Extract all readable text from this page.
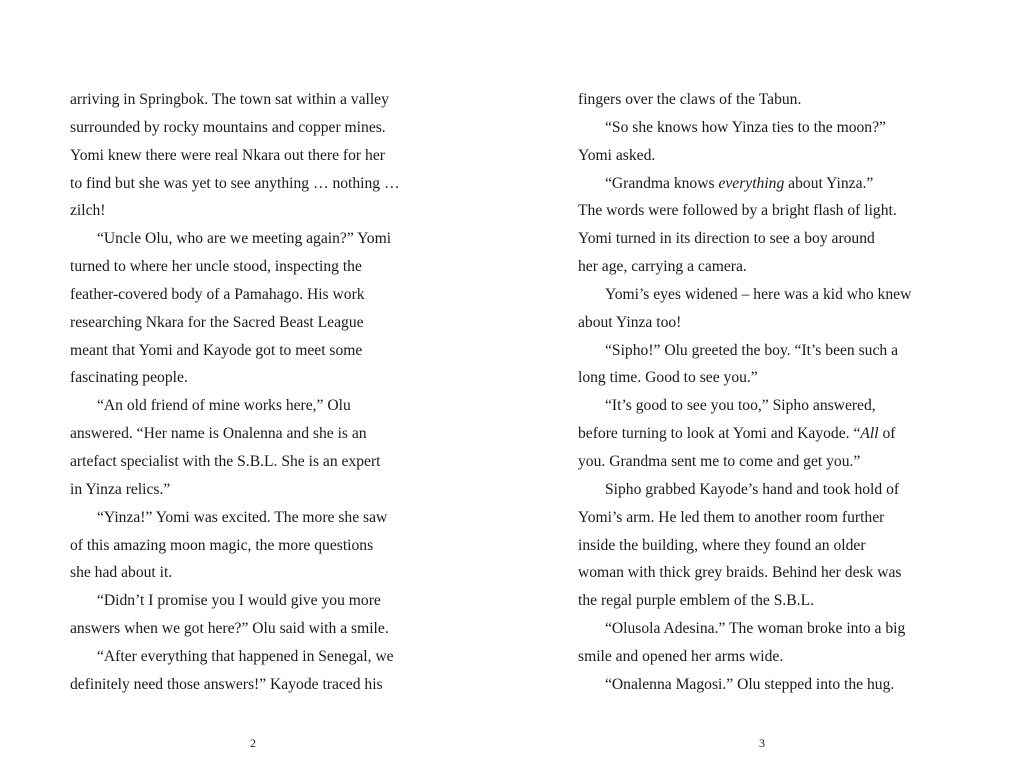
arriving in Springbok. The town sat within a valley
surrounded by rocky mountains and copper mines.
Yomi knew there were real Nkara out there for her
to find but she was yet to see anything … nothing …
zilch!
“Uncle Olu, who are we meeting again?” Yomi
turned to where her uncle stood, inspecting the
feather-covered body of a Pamahago. His work
researching Nkara for the Sacred Beast League
meant that Yomi and Kayode got to meet some
fascinating people.
“An old friend of mine works here,” Olu
answered. “Her name is Onalenna and she is an
artefact specialist with the S.B.L. She is an expert
in Yinza relics.”
“Yinza!” Yomi was excited. The more she saw
of this amazing moon magic, the more questions
she had about it.
“Didn’t I promise you I would give you more
answers when we got here?” Olu said with a smile.
“After everything that happened in Senegal, we
definitely need those answers!” Kayode traced his
fingers over the claws of the Tabun.
“So she knows how Yinza ties to the moon?”
Yomi asked.
“Grandma knows everything about Yinza.”
The words were followed by a bright flash of light.
Yomi turned in its direction to see a boy around
her age, carrying a camera.
Yomi’s eyes widened – here was a kid who knew
about Yinza too!
“Sipho!” Olu greeted the boy. “It’s been such a
long time. Good to see you.”
“It’s good to see you too,” Sipho answered,
before turning to look at Yomi and Kayode. “All of
you. Grandma sent me to come and get you.”
Sipho grabbed Kayode’s hand and took hold of
Yomi’s arm. He led them to another room further
inside the building, where they found an older
woman with thick grey braids. Behind her desk was
the regal purple emblem of the S.B.L.
“Olusola Adesina.” The woman broke into a big
smile and opened her arms wide.
“Onalenna Magosi.” Olu stepped into the hug.
2	3
